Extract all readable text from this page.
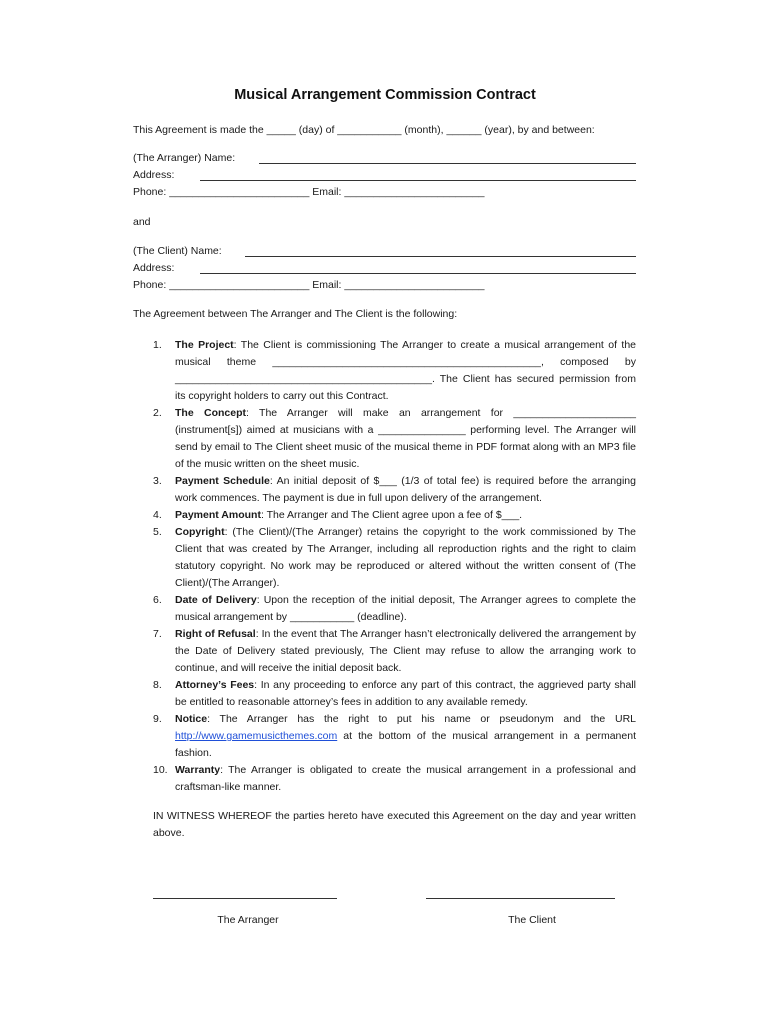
Musical Arrangement Commission Contract
This Agreement is made the _____ (day) of ___________ (month), ______ (year), by and between:
(The Arranger) Name:
Address:
Phone: ________________________ Email: ________________________
and
(The Client) Name:
Address:
Phone: ________________________ Email: ________________________
The Agreement between The Arranger and The Client is the following:
1. The Project: The Client is commissioning The Arranger to create a musical arrangement of the musical theme ______________________________________________, composed by ____________________________________________. The Client has secured permission from its copyright holders to carry out this Contract.
2. The Concept: The Arranger will make an arrangement for _____________________ (instrument[s]) aimed at musicians with a _______________ performing level. The Arranger will send by email to The Client sheet music of the musical theme in PDF format along with an MP3 file of the music written on the sheet music.
3. Payment Schedule: An initial deposit of $___ (1/3 of total fee) is required before the arranging work commences. The payment is due in full upon delivery of the arrangement.
4. Payment Amount: The Arranger and The Client agree upon a fee of $___.
5. Copyright: (The Client)/(The Arranger) retains the copyright to the work commissioned by The Client that was created by The Arranger, including all reproduction rights and the right to claim statutory copyright. No work may be reproduced or altered without the written consent of (The Client)/(The Arranger).
6. Date of Delivery: Upon the reception of the initial deposit, The Arranger agrees to complete the musical arrangement by ___________ (deadline).
7. Right of Refusal: In the event that The Arranger hasn’t electronically delivered the arrangement by the Date of Delivery stated previously, The Client may refuse to allow the arranging work to continue, and will receive the initial deposit back.
8. Attorney’s Fees: In any proceeding to enforce any part of this contract, the aggrieved party shall be entitled to reasonable attorney’s fees in addition to any available remedy.
9. Notice: The Arranger has the right to put his name or pseudonym and the URL http://www.gamemusicthemes.com at the bottom of the musical arrangement in a permanent fashion.
10. Warranty: The Arranger is obligated to create the musical arrangement in a professional and craftsman-like manner.
IN WITNESS WHEREOF the parties hereto have executed this Agreement on the day and year written above.
The Arranger	The Client
